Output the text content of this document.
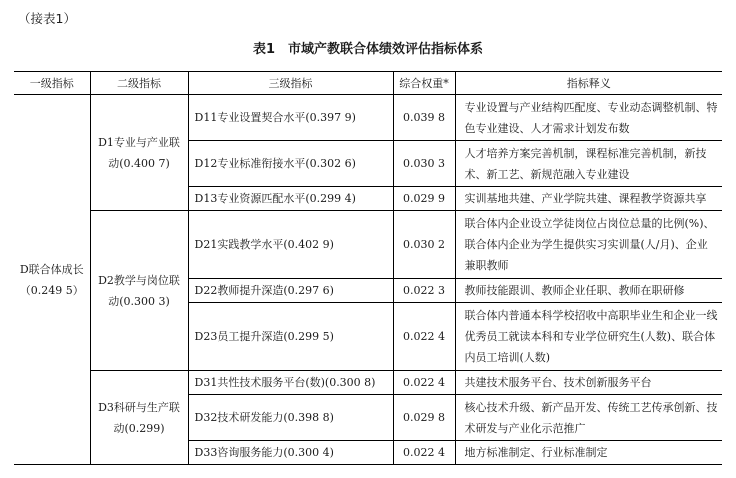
（接表1）
表1　市域产教联合体绩效评估指标体系
一级指标	二级指标	三级指标	综合权重*	指标释义
D联合体成长（0.249 5）	D1专业与产业联动(0.400 7)	D11专业设置契合水平(0.397 9)	0.039 8	专业设置与产业结构匹配度、专业动态调整机制、特色专业建设、人才需求计划发布数
		D12专业标准衔接水平(0.302 6)	0.030 3	人才培养方案完善机制，课程标准完善机制，新技术、新工艺、新规范融入专业建设
		D13专业资源匹配水平(0.299 4)	0.029 9	实训基地共建、产业学院共建、课程教学资源共享
	D2教学与岗位联动(0.300 3)	D21实践教学水平(0.402 9)	0.030 2	联合体内企业设立学徒岗位占岗位总量的比例(%)、联合体内企业为学生提供实习实训量(人/月)、企业兼职教师
		D22教师提升深造(0.297 6)	0.022 3	教师技能跟训、教师企业任职、教师在职研修
		D23员工提升深造(0.299 5)	0.022 4	联合体内普通本科学校招收中高职毕业生和企业一线优秀员工就读本科和专业学位研究生(人数)、联合体内员工培训(人数)
	D3科研与生产联动(0.299)	D31共性技术服务平台(数)(0.300 8)	0.022 4	共建技术服务平台、技术创新服务平台
		D32技术研发能力(0.398 8)	0.029 8	核心技术升级、新产品开发、传统工艺传承创新、技术研发与产业化示范推广
		D33咨询服务能力(0.300 4)	0.022 4	地方标准制定、行业标准制定
